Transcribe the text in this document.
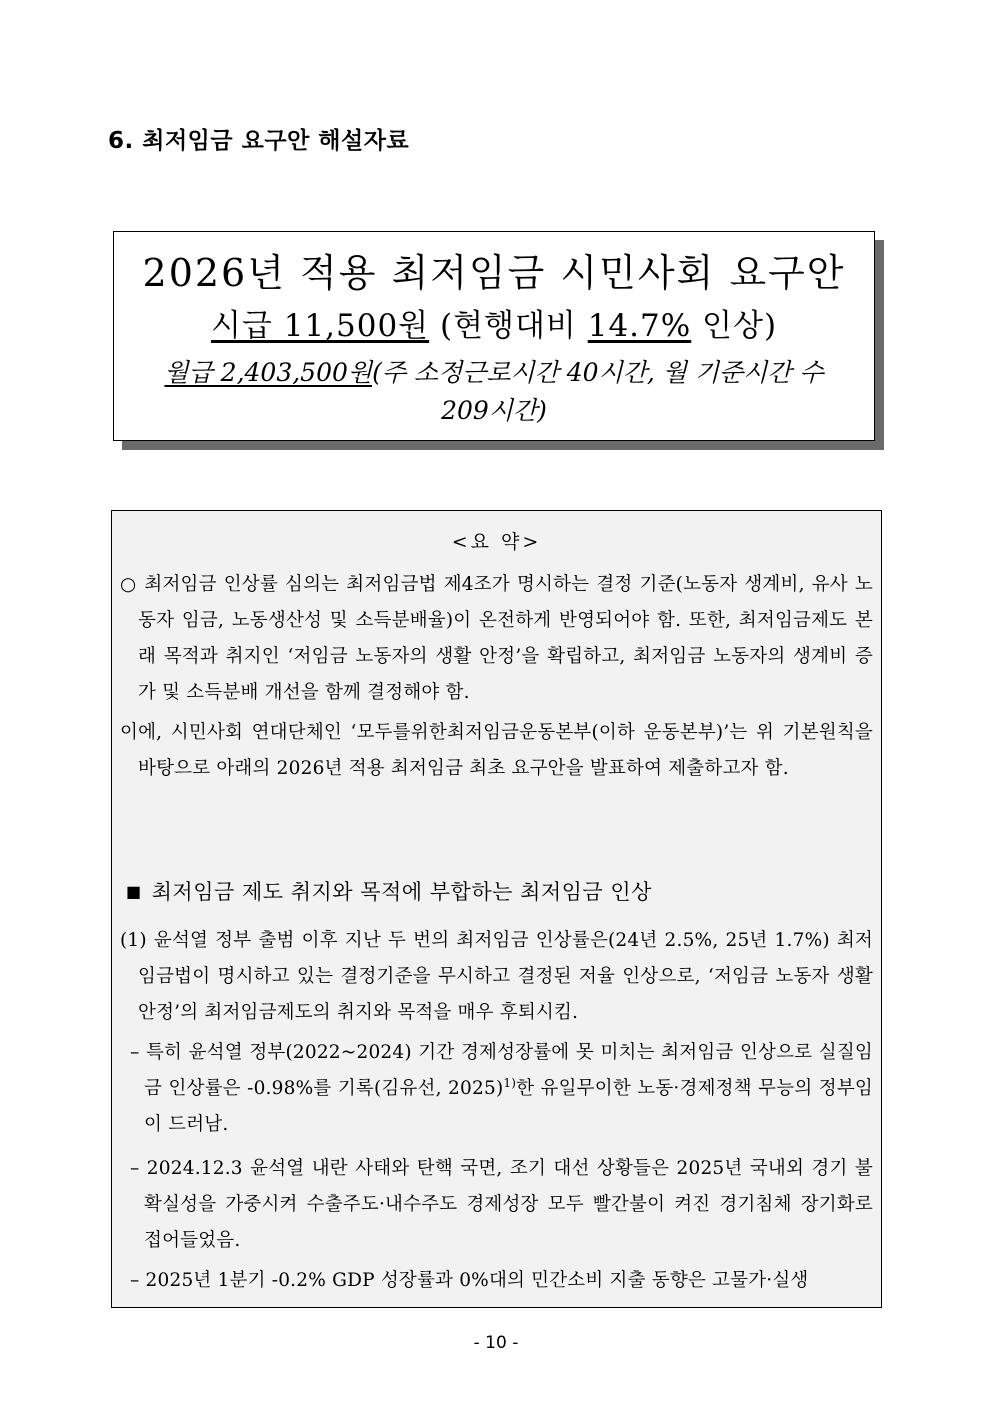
6. 최저임금 요구안 해설자료
2026년 적용 최저임금 시민사회 요구안
시급 11,500원 (현행대비 14.7% 인상)
월급 2,403,500원(주 소정근로시간 40시간, 월 기준시간 수 209시간)
<요 약>
○ 최저임금 인상률 심의는 최저임금법 제4조가 명시하는 결정 기준(노동자 생계비, 유사 노동자 임금, 노동생산성 및 소득분배율)이 온전하게 반영되어야 함. 또한, 최저임금제도 본래 목적과 취지인 ‘저임금 노동자의 생활 안정’을 확립하고, 최저임금 노동자의 생계비 증가 및 소득분배 개선을 함께 결정해야 함.
이에, 시민사회 연대단체인 ‘모두를위한최저임금운동본부(이하 운동본부)’는 위 기본원칙을 바탕으로 아래의 2026년 적용 최저임금 최초 요구안을 발표하여 제출하고자 함.
■ 최저임금 제도 취지와 목적에 부합하는 최저임금 인상
(1) 윤석열 정부 출범 이후 지난 두 번의 최저임금 인상률은(24년 2.5%, 25년 1.7%) 최저임금법이 명시하고 있는 결정기준을 무시하고 결정된 저율 인상으로, ‘저임금 노동자 생활 안정’의 최저임금제도의 취지와 목적을 매우 후퇴시킴.
– 특히 윤석열 정부(2022~2024) 기간 경제성장률에 못 미치는 최저임금 인상으로 실질임금 인상률은 -0.98%를 기록(김유선, 2025)$^{1)}$한 유일무이한 노동·경제정책 무능의 정부임이 드러남.
– 2024.12.3 윤석열 내란 사태와 탄핵 국면, 조기 대선 상황들은 2025년 국내외 경기 불확실성을 가중시켜 수출주도·내수주도 경제성장 모두 빨간불이 켜진 경기침체 장기화로 접어들었음.
– 2025년 1분기 -0.2% GDP 성장률과 0%대의 민간소비 지출 동향은 고물가·실생
- 10 -
